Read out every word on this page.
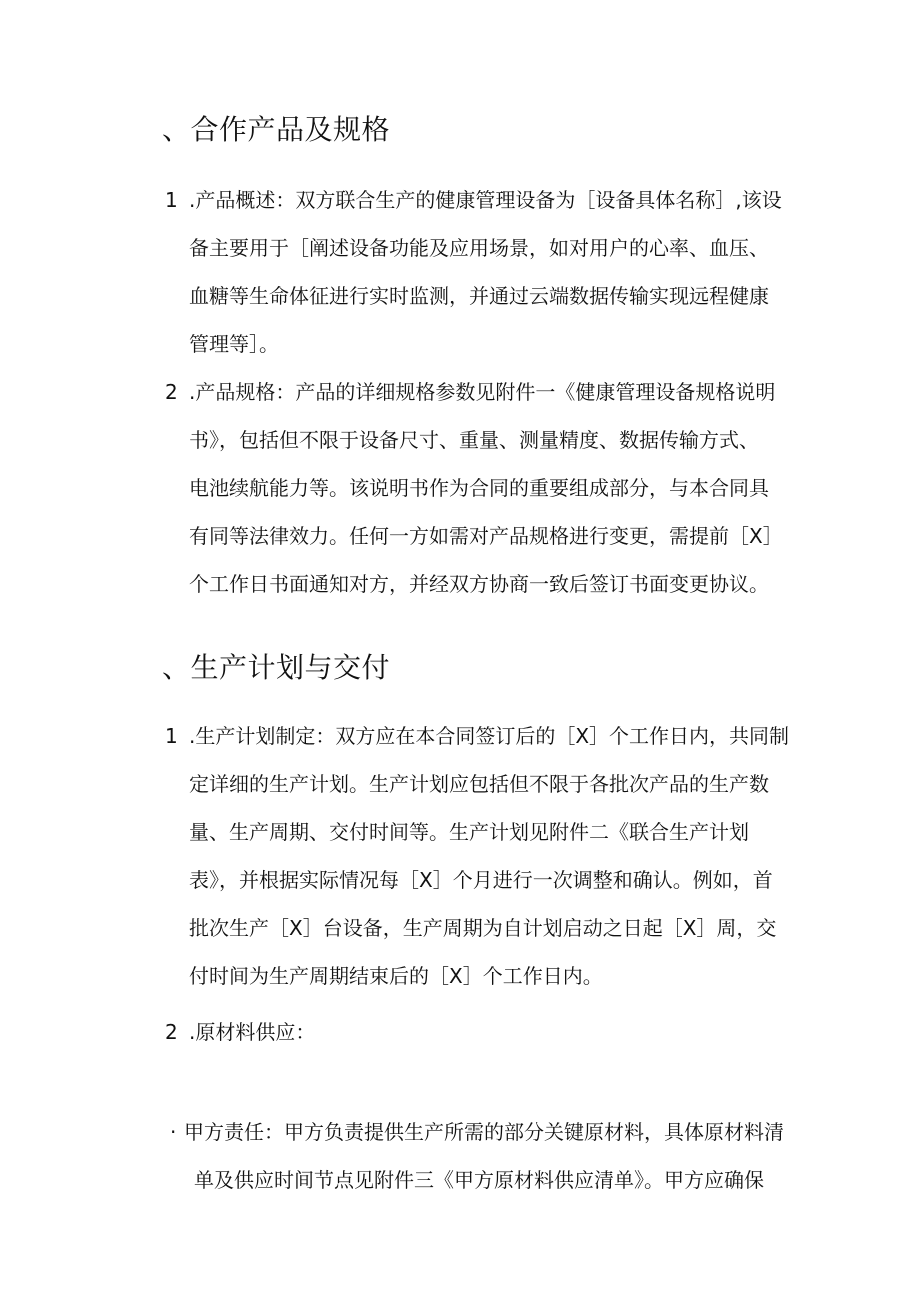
、合作产品及规格
1 .产品概述：双方联合生产的健康管理设备为［设备具体名称］,该设
备主要用于［阐述设备功能及应用场景，如对用户的心率、血压、
血糖等生命体征进行实时监测，并通过云端数据传输实现远程健康
管理等］。
2 .产品规格：产品的详细规格参数见附件一《健康管理设备规格说明
书》，包括但不限于设备尺寸、重量、测量精度、数据传输方式、
电池续航能力等。该说明书作为合同的重要组成部分，与本合同具
有同等法律效力。任何一方如需对产品规格进行变更，需提前［X］
个工作日书面通知对方，并经双方协商一致后签订书面变更协议。
、生产计划与交付
1 .生产计划制定：双方应在本合同签订后的［X］个工作日内，共同制
定详细的生产计划。生产计划应包括但不限于各批次产品的生产数
量、生产周期、交付时间等。生产计划见附件二《联合生产计划
表》，并根据实际情况每［X］个月进行一次调整和确认。例如，首
批次生产［X］台设备，生产周期为自计划启动之日起［X］周，交
付时间为生产周期结束后的［X］个工作日内。
2 .原材料供应：
· 甲方责任：甲方负责提供生产所需的部分关键原材料，具体原材料清
单及供应时间节点见附件三《甲方原材料供应清单》。甲方应确保
